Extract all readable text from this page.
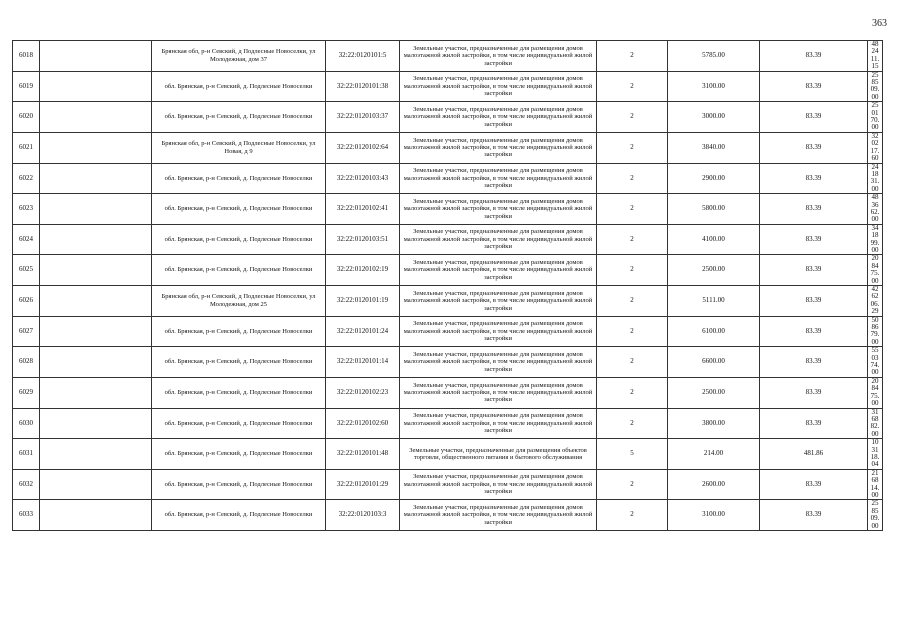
363
6018		Брянская обл, р-н Севский, д Подлесные Новоселки, ул Молодежная, дом 37	32:22:0120101:5	Земельные участки, предназначенные для размещения домов малоэтажной жилой застройки, в том числе индивидуальной жилой застройки	2	5785.00	83.39	482411.15
6019		обл. Брянская, р-н Севский, д. Подлесные Новоселки	32:22:0120101:38	Земельные участки, предназначенные для размещения домов малоэтажной жилой застройки, в том числе индивидуальной жилой застройки	2	3100.00	83.39	258509.00
6020		обл. Брянская, р-н Севский, д. Подлесные Новоселки	32:22:0120103:37	Земельные участки, предназначенные для размещения домов малоэтажной жилой застройки, в том числе индивидуальной жилой застройки	2	3000.00	83.39	250170.00
6021		Брянская обл, р-н Севский, д Подлесные Новоселки, ул Новая, д 9	32:22:0120102:64	Земельные участки, предназначенные для размещения домов малоэтажной жилой застройки, в том числе индивидуальной жилой застройки	2	3840.00	83.39	320217.60
6022		обл. Брянская, р-н Севский, д. Подлесные Новоселки	32:22:0120103:43	Земельные участки, предназначенные для размещения домов малоэтажной жилой застройки, в том числе индивидуальной жилой застройки	2	2900.00	83.39	241831.00
6023		обл. Брянская, р-н Севский, д. Подлесные Новоселки	32:22:0120102:41	Земельные участки, предназначенные для размещения домов малоэтажной жилой застройки, в том числе индивидуальной жилой застройки	2	5800.00	83.39	483662.00
6024		обл. Брянская, р-н Севский, д. Подлесные Новоселки	32:22:0120103:51	Земельные участки, предназначенные для размещения домов малоэтажной жилой застройки, в том числе индивидуальной жилой застройки	2	4100.00	83.39	341899.00
6025		обл. Брянская, р-н Севский, д. Подлесные Новоселки	32:22:0120102:19	Земельные участки, предназначенные для размещения домов малоэтажной жилой застройки, в том числе индивидуальной жилой застройки	2	2500.00	83.39	208475.00
6026		Брянская обл, р-н Севский, д Подлесные Новоселки, ул Молодежная, дом 25	32:22:0120101:19	Земельные участки, предназначенные для размещения домов малоэтажной жилой застройки, в том числе индивидуальной жилой застройки	2	5111.00	83.39	426206.29
6027		обл. Брянская, р-н Севский, д. Подлесные Новоселки	32:22:0120101:24	Земельные участки, предназначенные для размещения домов малоэтажной жилой застройки, в том числе индивидуальной жилой застройки	2	6100.00	83.39	508679.00
6028		обл. Брянская, р-н Севский, д. Подлесные Новоселки	32:22:0120101:14	Земельные участки, предназначенные для размещения домов малоэтажной жилой застройки, в том числе индивидуальной жилой застройки	2	6600.00	83.39	550374.00
6029		обл. Брянская, р-н Севский, д. Подлесные Новоселки	32:22:0120102:23	Земельные участки, предназначенные для размещения домов малоэтажной жилой застройки, в том числе индивидуальной жилой застройки	2	2500.00	83.39	208475.00
6030		обл. Брянская, р-н Севский, д. Подлесные Новоселки	32:22:0120102:60	Земельные участки, предназначенные для размещения домов малоэтажной жилой застройки, в том числе индивидуальной жилой застройки	2	3800.00	83.39	316882.00
6031		обл. Брянская, р-н Севский, д. Подлесные Новоселки	32:22:0120101:48	Земельные участки, предназначенные для размещения объектов торговли, общественного питания и бытового обслуживания	5	214.00	481.86	103118.04
6032		обл. Брянская, р-н Севский, д. Подлесные Новоселки	32:22:0120101:29	Земельные участки, предназначенные для размещения домов малоэтажной жилой застройки, в том числе индивидуальной жилой застройки	2	2600.00	83.39	216814.00
6033		обл. Брянская, р-н Севский, д. Подлесные Новоселки	32:22:0120103:3	Земельные участки, предназначенные для размещения домов малоэтажной жилой застройки, в том числе индивидуальной жилой застройки	2	3100.00	83.39	258509.00
